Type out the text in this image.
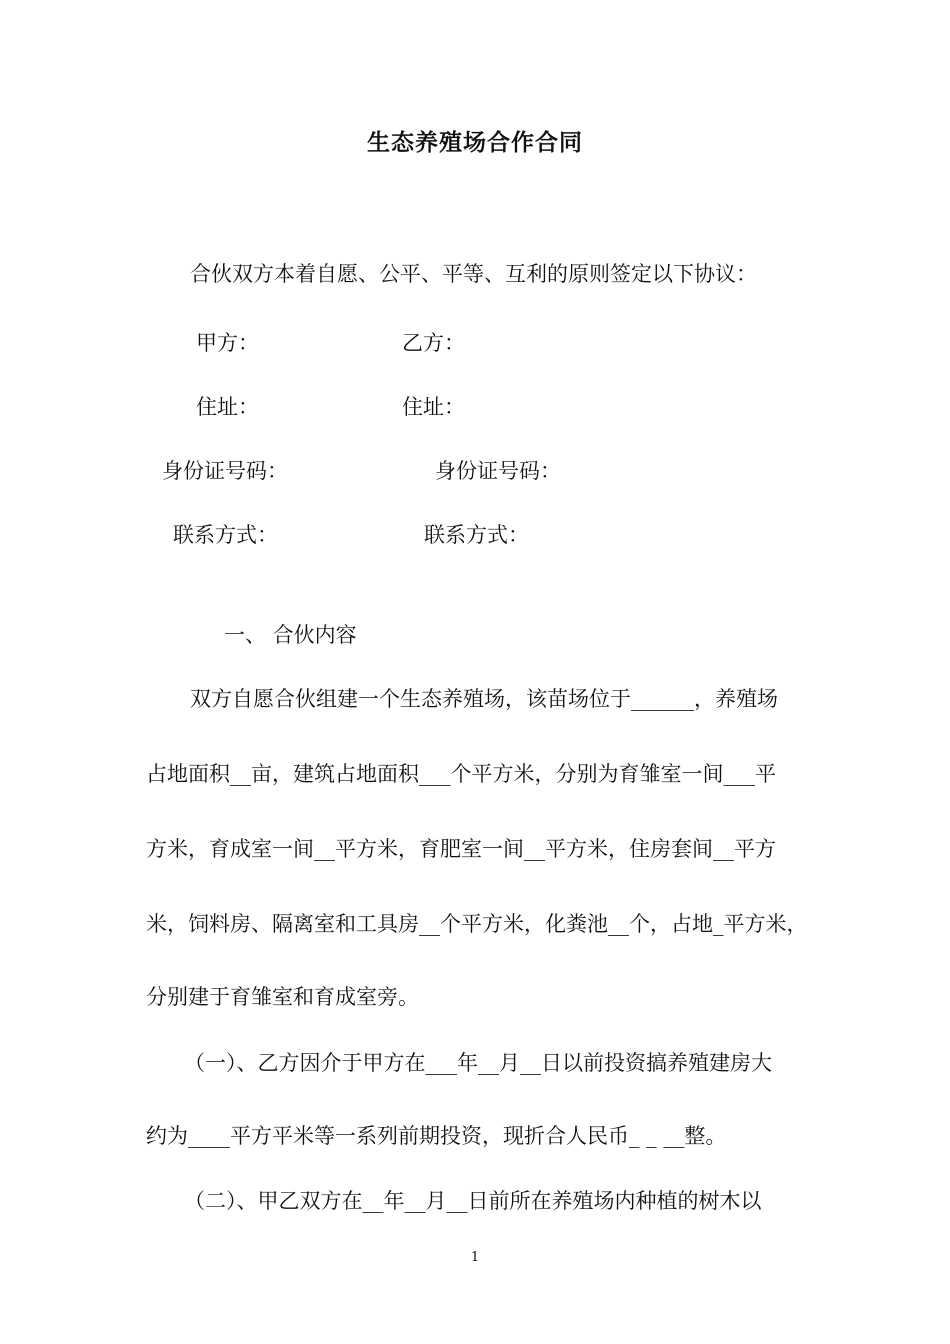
生态养殖场合作合同
合伙双方本着自愿、公平、平等、互利的原则签定以下协议：
甲方：	乙方：
住址：	住址：
身份证号码：	身份证号码：
联系方式：	联系方式：
一、 合伙内容
双方自愿合伙组建一个生态养殖场，该苗场位于______，养殖场
占地面积__亩，建筑占地面积___个平方米，分别为育雏室一间___平
方米，育成室一间__平方米，育肥室一间__平方米，住房套间__平方
米，饲料房、隔离室和工具房__个平方米，化粪池__个，占地_平方米，
分别建于育雏室和育成室旁。
（一）、乙方因介于甲方在___年__月__日以前投资搞养殖建房大
约为____平方平米等一系列前期投资，现折合人民币_ _ __整。
（二）、甲乙双方在__年__月__日前所在养殖场内种植的树木以
1
